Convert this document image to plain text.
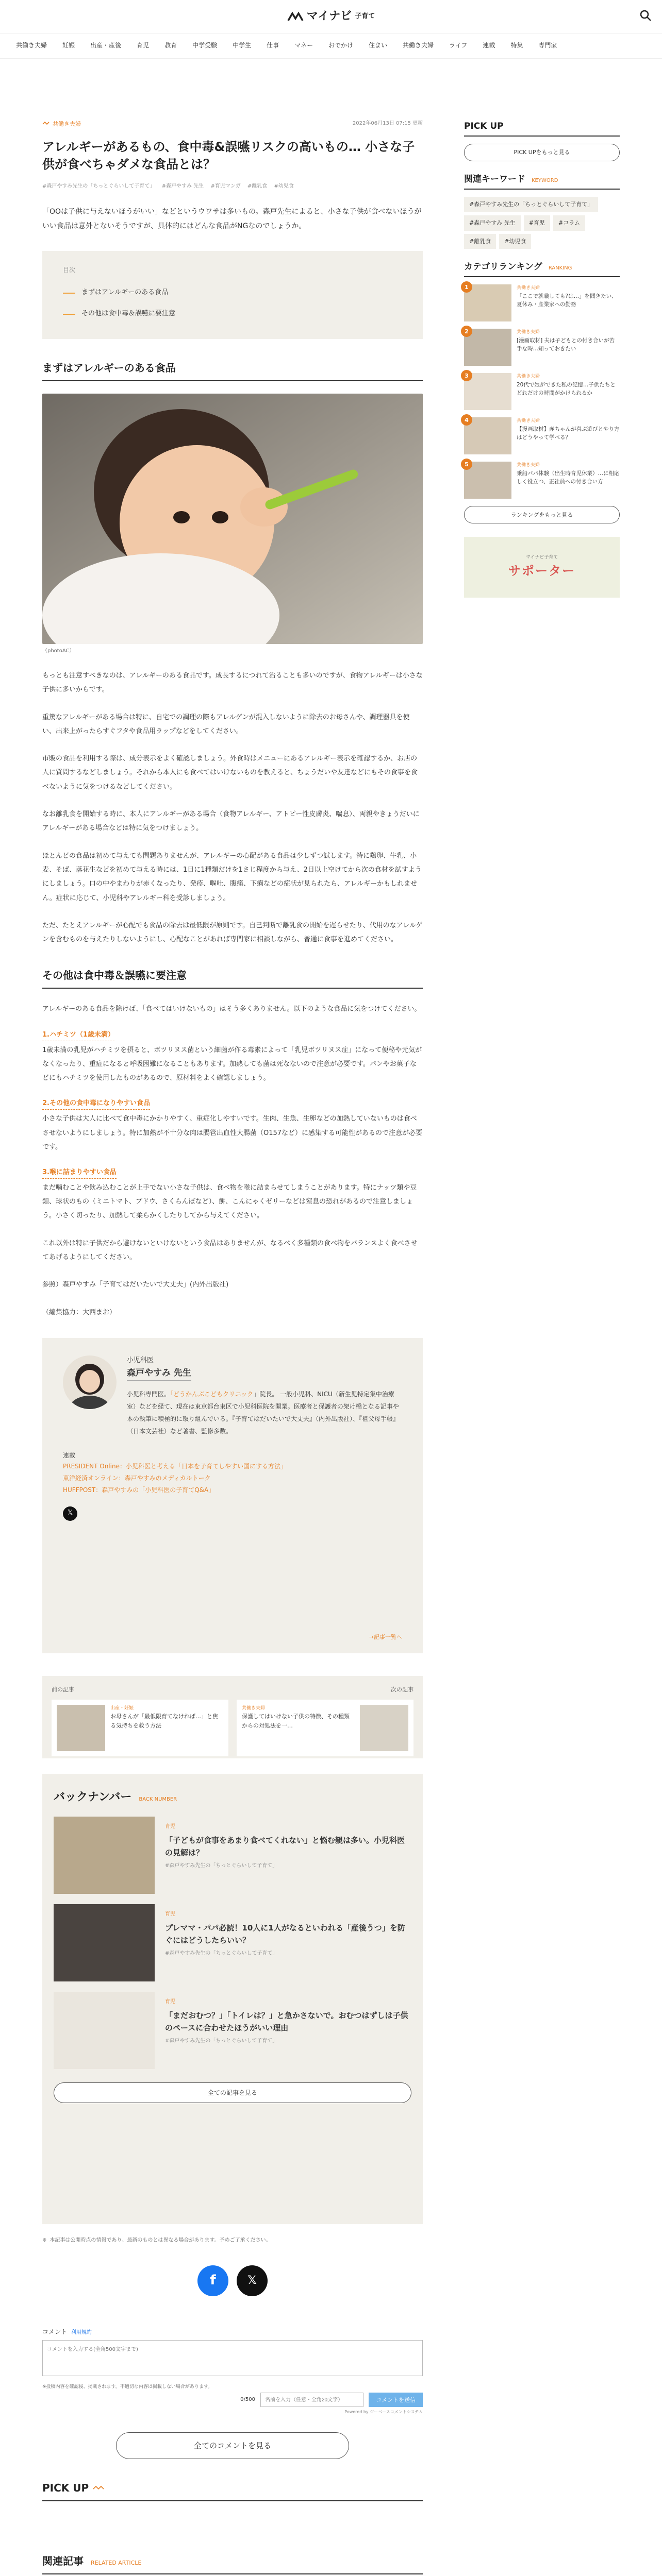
マイナビ 子育て
共働き夫婦	妊娠	出産・産後	育児	教育	中学受験	中学生	仕事	マネー	おでかけ	住まい	共働き夫婦	ライフ	連載	特集	専門家
共働き夫婦	2022年06月13日 07:15 更新
アレルギーがあるもの、食中毒&誤嚥リスクの高いもの… 小さな子供が食べちゃダメな食品とは？
#森戸やすみ先生の「ちっとぐらいして子育て」 #森戸やすみ 先生 #育児マンガ #離乳食 #幼児食

「OOは子供に与えないほうがいい」などというウワサは多いもの。森戸先生によると、小さな子供が食べないほうがいい食品は意外とないそうですが、具体的にはどんな食品がNGなのでしょうか。

目次
まずはアレルギーのある食品
その他は食中毒＆誤嚥に要注意
まずはアレルギーのある食品
（photoAC）

もっとも注意すべきなのは、アレルギーのある食品です。成長するにつれて治ることも多いのですが、食物アレルギーは小さな子供に多いからです。

重篤なアレルギーがある場合は特に、自宅での調理の際もアレルゲンが混入しないように除去のお母さんや、調理器具を使い、出来上がったらすぐフタや食品用ラップなどをしてください。

市販の食品を利用する際は、成分表示をよく確認しましょう。外食時はメニューにあるアレルギー表示を確認するか、お店の人に質問するなどしましょう。それから本人にも食べてはいけないものを教えると、ちょうだいや友達などにもその食事を食べないように気をつけるなどしてください。

なお離乳食を開始する時に、本人にアレルギーがある場合（食物アレルギー、アトピー性皮膚炎、喘息）、両親やきょうだいにアレルギーがある場合などは特に気をつけましょう。

ほとんどの食品は初めて与えても問題ありませんが、アレルギーの心配がある食品は少しずつ試します。特に鶏卵、牛乳、小麦、そば、落花生などを初めて与える時には、1日に1種類だけを1さじ程度から与え、2日以上空けてから次の食材を試すようにしましょう。口の中やまわりが赤くなったり、発疹、嘔吐、腹痛、下痢などの症状が見られたら、アレルギーかもしれません。症状に応じて、小児科やアレルギー科を受診しましょう。

ただ、たとえアレルギーが心配でも食品の除去は最低限が原則です。自己判断で離乳食の開始を遅らせたり、代用のなアレルゲンを含むものを与えたりしないようにし、心配なことがあれば専門家に相談しながら、普通に食事を進めてください。

その他は食中毒＆誤嚥に要注意

アレルギーのある食品を除けば、「食べてはいけないもの」はそう多くありません。以下のような食品に気をつけてください。

1.ハチミツ（1歳未満）

1歳未満の乳児がハチミツを摂ると、ボツリヌス菌という細菌が作る毒素によって「乳児ボツリヌス症」になって便秘や元気がなくなったり、重症になると呼吸困難になることもあります。加熱しても菌は死なないので注意が必要です。パンやお菓子などにもハチミツを使用したものがあるので、原材料をよく確認しましょう。

2.その他の食中毒になりやすい食品

小さな子供は大人に比べて食中毒にかかりやすく、重症化しやすいです。生肉、生魚、生卵などの加熱していないものは食べさせないようにしましょう。特に加熱が不十分な肉は腸管出血性大腸菌（O157など）に感染する可能性があるので注意が必要です。

3.喉に詰まりやすい食品

まだ噛むことや飲み込むことが上手でない小さな子供は、食べ物を喉に詰まらせてしまうことがあります。特にナッツ類や豆類、球状のもの（ミニトマト、ブドウ、さくらんぼなど）、餅、こんにゃくゼリーなどは窒息の恐れがあるので注意しましょう。小さく切ったり、加熱して柔らかくしたりしてから与えてください。

これ以外は特に子供だから避けないといけないという食品はありませんが、なるべく多種類の食べ物をバランスよく食べさせてあげるようにしてください。

参照）森戸やすみ「子育てはだいたいで大丈夫」(内外出版社)

（編集協力：大西まお）

小児科医
森戸やすみ 先生

小児科専門医。「どうかんぶこどもクリニック」院長。 一般小児科、NICU（新生児特定集中治療室）などを経て、現在は東京都台東区で小児科医院を開業。医療者と保護者の架け橋となる記事や本の執筆に積極的に取り組んでいる。『子育てはだいたいで大丈夫』（内外出版社）、『祖父母手帳』（日本文芸社）など著書、監修多数。

連載
PRESIDENT Online：小児科医と考える「日本を子育てしやすい国にする方法」
東洋経済オンライン：森戸やすみのメディカルトーク
HUFFPOST：森戸やすみの「小児科医の子育てQ&A」
𝕏
→記事一覧へ
前の記事
出産・妊娠
お母さんが「最低限育てなければ…」と焦る気持ちを救う方法
次の記事
共働き夫婦
保護してはいけない子供の特徴、その種類からの対処法を一…
バックナンバー BACK NUMBER
育児
「子どもが食事をあまり食べてくれない」と悩む親は多い。小児科医の見解は？
#森戸やすみ先生の「ちっとぐらいして子育て」
育児
プレママ・パパ必読！10人に1人がなるといわれる「産後うつ」を防ぐにはどうしたらいい？
#森戸やすみ先生の「ちっとぐらいして子育て」
育児
「まだおむつ？」「トイレは？」と急かさないで。おむつはずしは子供のペースに合わせたほうがいい理由
#森戸やすみ先生の「ちっとぐらいして子育て」
全ての記事を見る
※ 本記事は公開時点の情報であり、最新のものとは異なる場合があります。予めご了承ください。
f	𝕏
コメント 利用規約
コメントを入力する(全角500文字まで)
※投稿内容を確認後、掲載されます。不適切な内容は掲載しない場合があります。
0/500
名前を入力（任意・全角20文字）	コメントを送信
Powered by ジーベースコメントシステム
全てのコメントを見る
PICK UP
関連記事 RELATED ARTICLE
PICK UP
PICK UPをもっと見る
関連キーワード KEYWORD
#森戸やすみ先生の「ちっとぐらいして子育て」
#森戸やすみ 先生	#育児	#コラム
#離乳食	#幼児食
カテゴリランキング RANKING
1	共働き夫婦
「ここで就職しても?は…」を聞きたい、夏休み・産業家への勤務
2	共働き夫婦
[漫画取材] 夫は子どもとの付き合いが苦手な時…知っておきたい
3	共働き夫婦
20代で娘ができた私の記憶…子供たちとどれだけの時間がかけられるか
4	共働き夫婦
【漫画取材】赤ちゃんが喜ぶ遊びとやり方はどうやって学べる？
5	共働き夫婦
乗船パパ体験（出生時育児休業）…に相応しく役立つ、正社員への付き合い方
ランキングをもっと見る
マイナビ子育て
サポーター
